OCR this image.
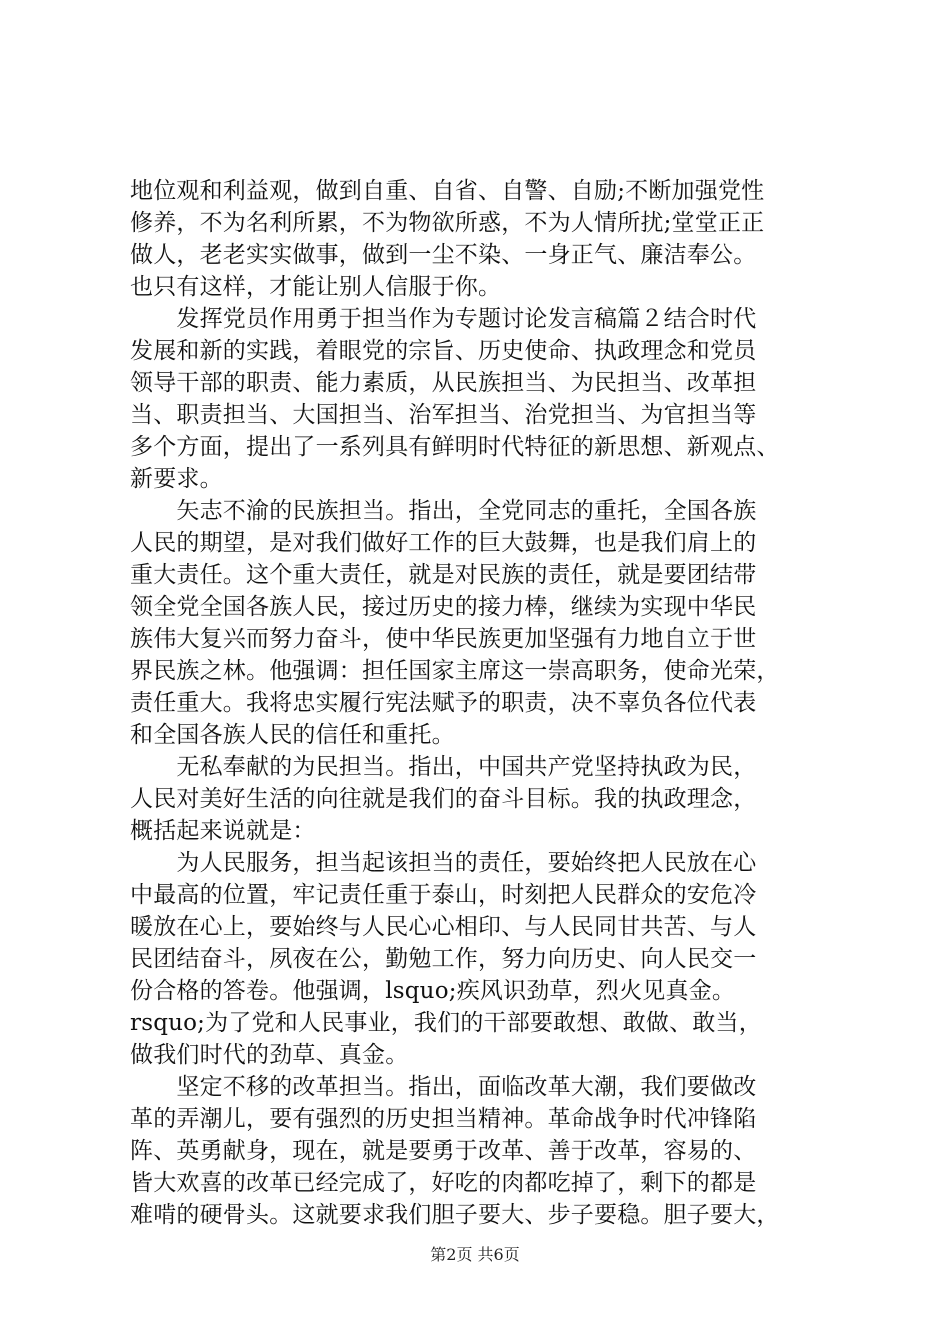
地位观和利益观，做到自重、自省、自警、自励;不断加强党性
修养，不为名利所累，不为物欲所惑，不为人情所扰;堂堂正正
做人，老老实实做事，做到一尘不染、一身正气、廉洁奉公。
也只有这样，才能让别人信服于你。
　　发挥党员作用勇于担当作为专题讨论发言稿篇２结合时代
发展和新的实践，着眼党的宗旨、历史使命、执政理念和党员
领导干部的职责、能力素质，从民族担当、为民担当、改革担
当、职责担当、大国担当、治军担当、治党担当、为官担当等
多个方面，提出了一系列具有鲜明时代特征的新思想、新观点、
新要求。
　　矢志不渝的民族担当。指出，全党同志的重托，全国各族
人民的期望，是对我们做好工作的巨大鼓舞，也是我们肩上的
重大责任。这个重大责任，就是对民族的责任，就是要团结带
领全党全国各族人民，接过历史的接力棒，继续为实现中华民
族伟大复兴而努力奋斗，使中华民族更加坚强有力地自立于世
界民族之林。他强调：担任国家主席这一崇高职务，使命光荣，
责任重大。我将忠实履行宪法赋予的职责，决不辜负各位代表
和全国各族人民的信任和重托。
　　无私奉献的为民担当。指出，中国共产党坚持执政为民，
人民对美好生活的向往就是我们的奋斗目标。我的执政理念，
概括起来说就是：
　　为人民服务，担当起该担当的责任，要始终把人民放在心
中最高的位置，牢记责任重于泰山，时刻把人民群众的安危冷
暖放在心上，要始终与人民心心相印、与人民同甘共苦、与人
民团结奋斗，夙夜在公，勤勉工作，努力向历史、向人民交一
份合格的答卷。他强调，lsquo;疾风识劲草，烈火见真金。
rsquo;为了党和人民事业，我们的干部要敢想、敢做、敢当，
做我们时代的劲草、真金。
　　坚定不移的改革担当。指出，面临改革大潮，我们要做改
革的弄潮儿，要有强烈的历史担当精神。革命战争时代冲锋陷
阵、英勇献身，现在，就是要勇于改革、善于改革，容易的、
皆大欢喜的改革已经完成了，好吃的肉都吃掉了，剩下的都是
难啃的硬骨头。这就要求我们胆子要大、步子要稳。胆子要大，
第2页 共6页
